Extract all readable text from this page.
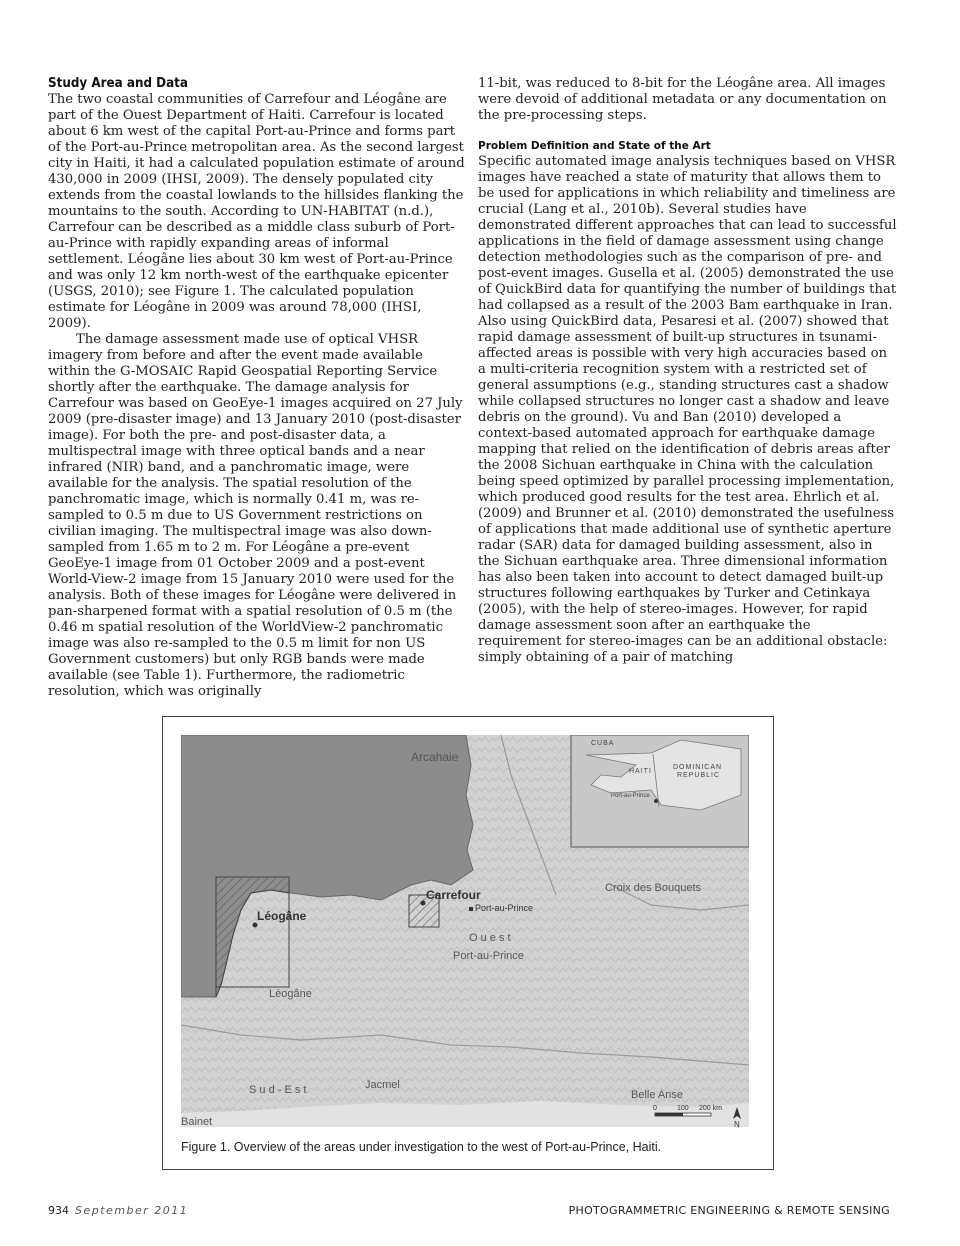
Study Area and Data

The two coastal communities of Carrefour and Léogâne are part of the Ouest Department of Haiti. Carrefour is located about 6 km west of the capital Port-au-Prince and forms part of the Port-au-Prince metropolitan area. As the second largest city in Haiti, it had a calculated population estimate of around 430,000 in 2009 (IHSI, 2009). The densely populated city extends from the coastal lowlands to the hillsides flanking the mountains to the south. According to UN-HABITAT (n.d.), Carrefour can be described as a middle class suburb of Port-au-Prince with rapidly expanding areas of informal settlement. Léogâne lies about 30 km west of Port-au-Prince and was only 12 km north-west of the earthquake epicenter (USGS, 2010); see Figure 1. The calculated population estimate for Léogâne in 2009 was around 78,000 (IHSI, 2009).

The damage assessment made use of optical VHSR imagery from before and after the event made available within the G-MOSAIC Rapid Geospatial Reporting Service shortly after the earthquake. The damage analysis for Carrefour was based on GeoEye-1 images acquired on 27 July 2009 (pre-disaster image) and 13 January 2010 (post-disaster image). For both the pre- and post-disaster data, a multispectral image with three optical bands and a near infrared (NIR) band, and a panchromatic image, were available for the analysis. The spatial resolution of the panchromatic image, which is normally 0.41 m, was re-sampled to 0.5 m due to US Government restrictions on civilian imaging. The multispectral image was also down-sampled from 1.65 m to 2 m. For Léogâne a pre-event GeoEye-1 image from 01 October 2009 and a post-event World-View-2 image from 15 January 2010 were used for the analysis. Both of these images for Léogâne were delivered in pan-sharpened format with a spatial resolution of 0.5 m (the 0.46 m spatial resolution of the WorldView-2 panchromatic image was also re-sampled to the 0.5 m limit for non US Government customers) but only RGB bands were made available (see Table 1). Furthermore, the radiometric resolution, which was originally

11-bit, was reduced to 8-bit for the Léogâne area. All images were devoid of additional metadata or any documentation on the pre-processing steps.

Problem Definition and State of the Art

Specific automated image analysis techniques based on VHSR images have reached a state of maturity that allows them to be used for applications in which reliability and timeliness are crucial (Lang et al., 2010b). Several studies have demonstrated different approaches that can lead to successful applications in the field of damage assessment using change detection methodologies such as the comparison of pre- and post-event images. Gusella et al. (2005) demonstrated the use of QuickBird data for quantifying the number of buildings that had collapsed as a result of the 2003 Bam earthquake in Iran. Also using QuickBird data, Pesaresi et al. (2007) showed that rapid damage assessment of built-up structures in tsunami-affected areas is possible with very high accuracies based on a multi-criteria recognition system with a restricted set of general assumptions (e.g., standing structures cast a shadow while collapsed structures no longer cast a shadow and leave debris on the ground). Vu and Ban (2010) developed a context-based automated approach for earthquake damage mapping that relied on the identification of debris areas after the 2008 Sichuan earthquake in China with the calculation being speed optimized by parallel processing implementation, which produced good results for the test area. Ehrlich et al. (2009) and Brunner et al. (2010) demonstrated the usefulness of applications that made additional use of synthetic aperture radar (SAR) data for damaged building assessment, also in the Sichuan earthquake area. Three dimensional information has also been taken into account to detect damaged built-up structures following earthquakes by Turker and Cetinkaya (2005), with the help of stereo-images. However, for rapid damage assessment soon after an earthquake the requirement for stereo-images can be an additional obstacle: simply obtaining of a pair of matching

Arcahaie
Carrefour
Léogâne
Port-au-Prince
O u e s t
Port-au-Prince
Croix des Bouquets
Léogâne
S u d - E s t	Jacmel
Belle Anse
Bainet
CUBA
HAITI
DOMINICAN
REPUBLIC
Port-au-Prince
0	100 200 km
N
Figure 1. Overview of the areas under investigation to the west of Port-au-Prince, Haiti.
934 September 2011	PHOTOGRAMMETRIC ENGINEERING & REMOTE SENSING
